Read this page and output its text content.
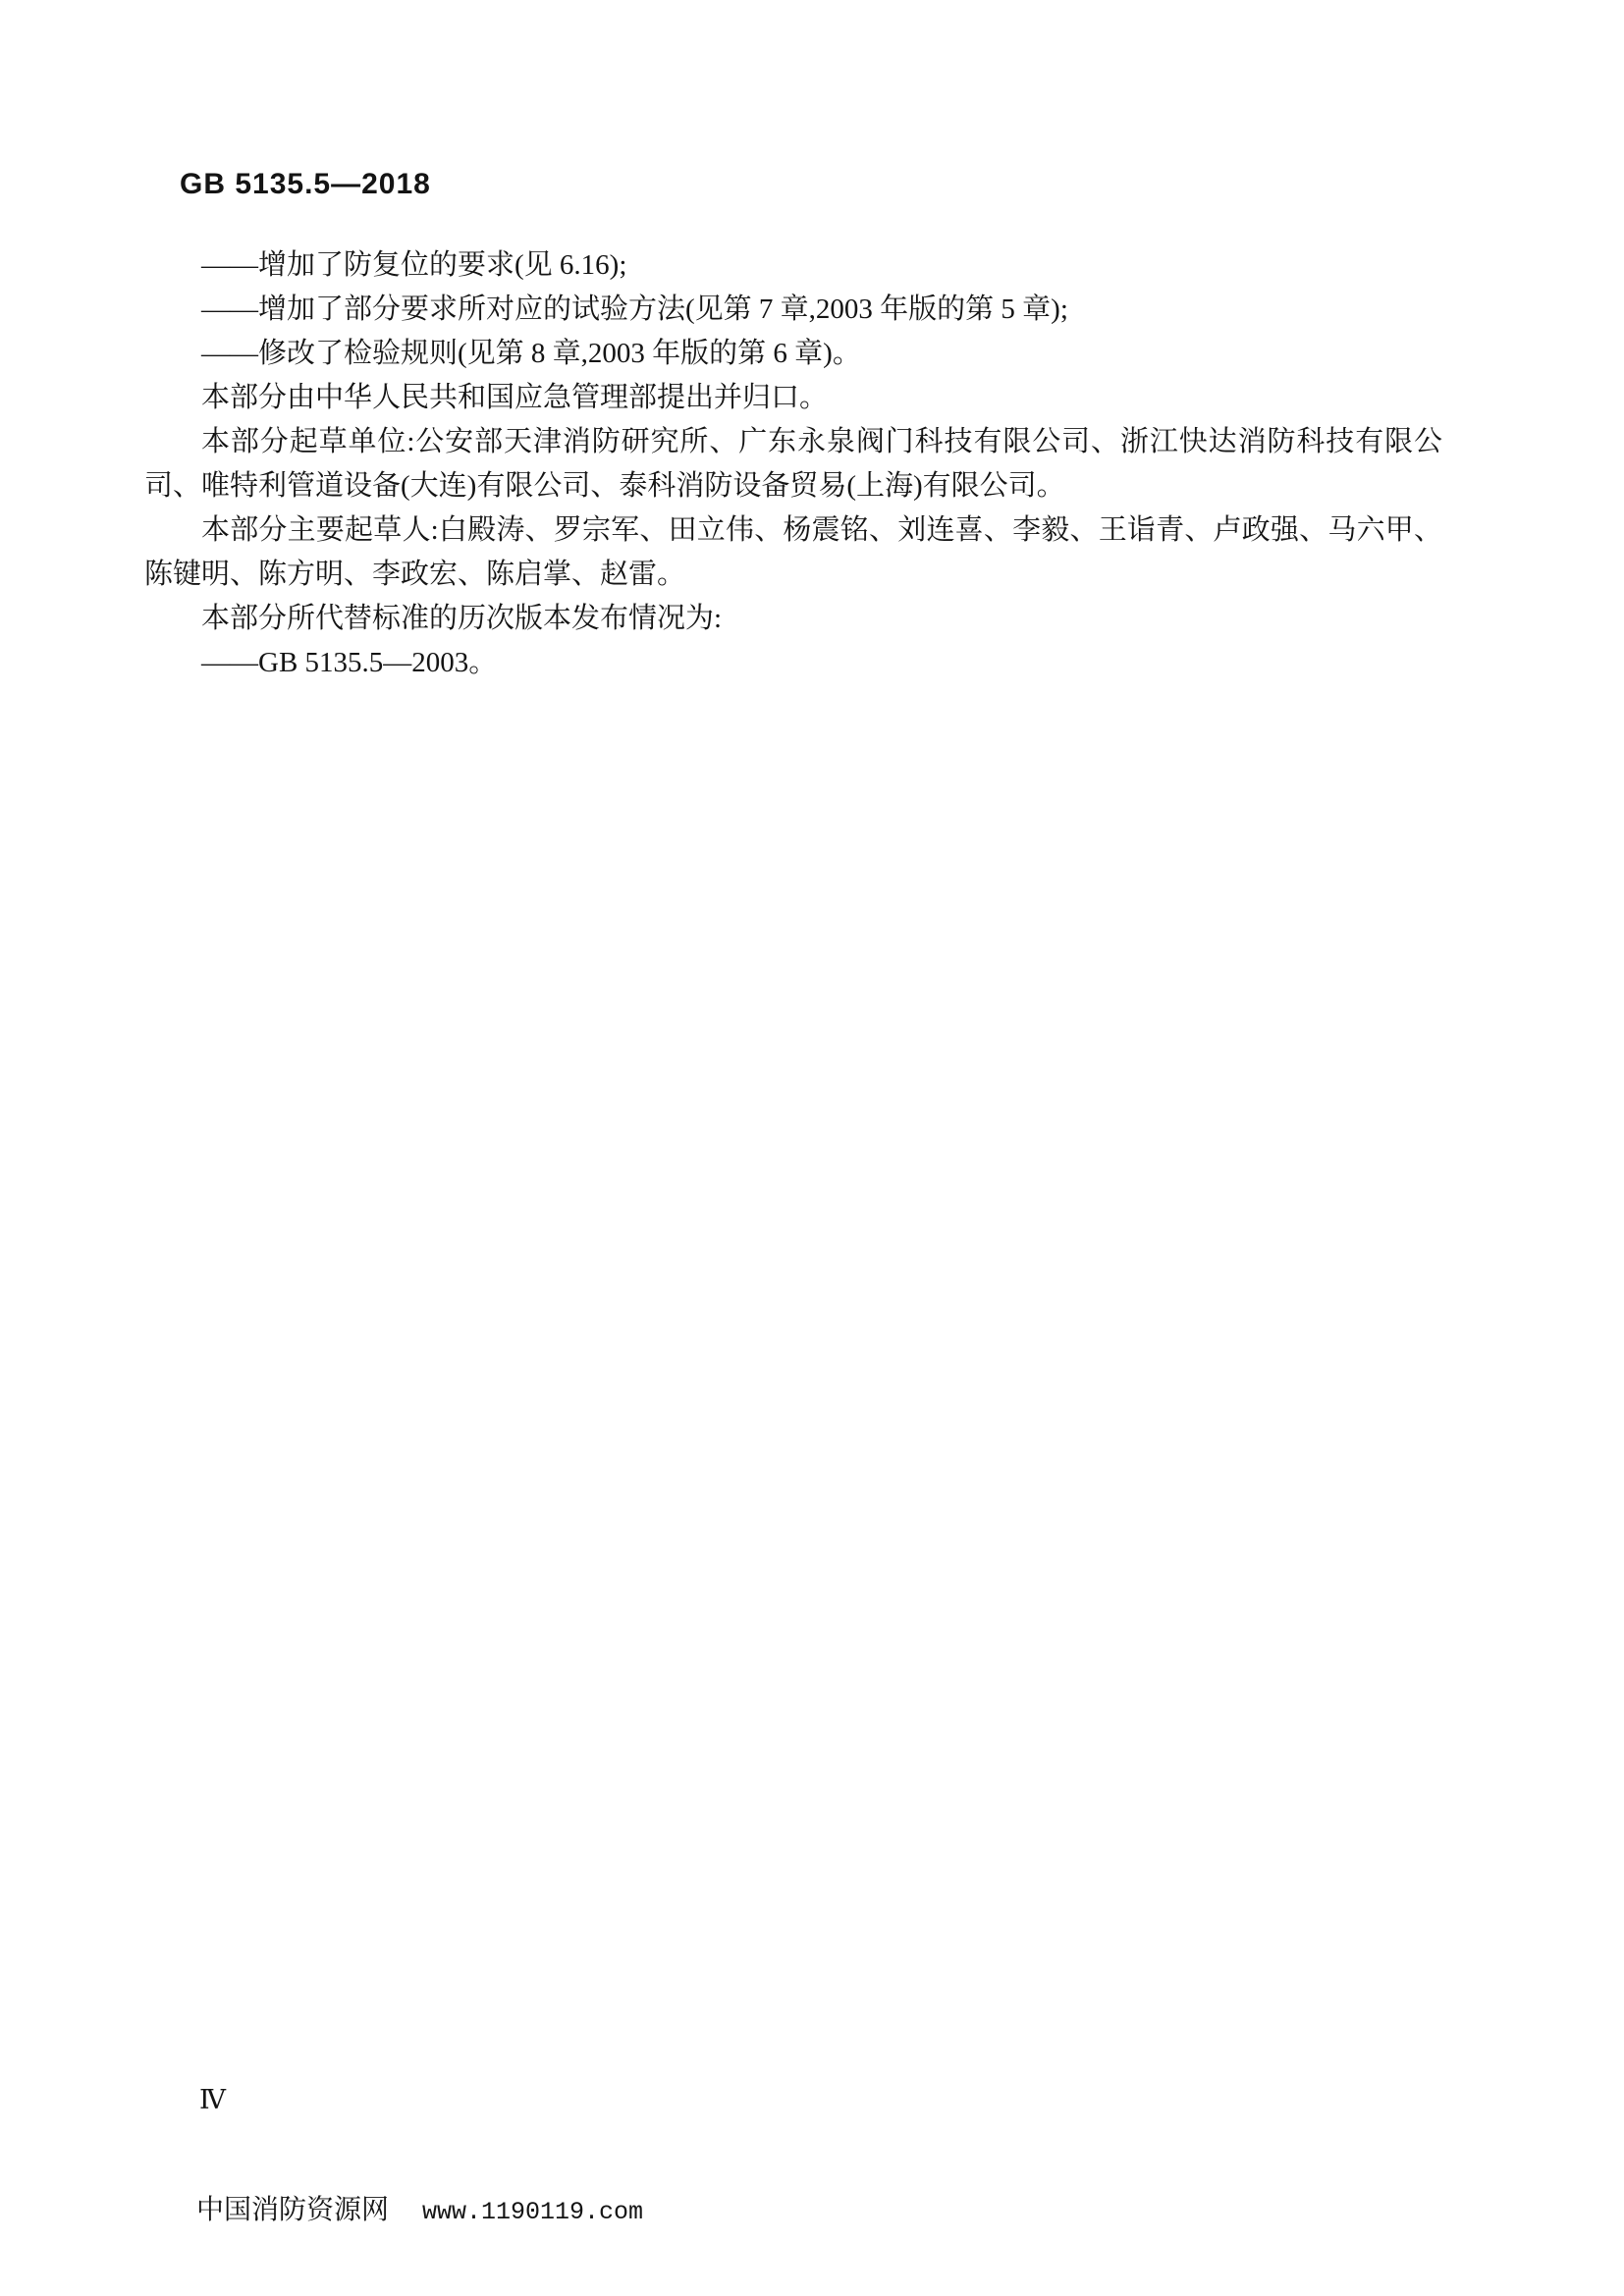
GB 5135.5—2018

——增加了防复位的要求(见 6.16);

——增加了部分要求所对应的试验方法(见第 7 章,2003 年版的第 5 章);

——修改了检验规则(见第 8 章,2003 年版的第 6 章)。

本部分由中华人民共和国应急管理部提出并归口。

本部分起草单位:公安部天津消防研究所、广东永泉阀门科技有限公司、浙江快达消防科技有限公司、唯特利管道设备(大连)有限公司、泰科消防设备贸易(上海)有限公司。

本部分主要起草人:白殿涛、罗宗军、田立伟、杨震铭、刘连喜、李毅、王诣青、卢政强、马六甲、陈键明、陈方明、李政宏、陈启掌、赵雷。

本部分所代替标准的历次版本发布情况为:

——GB 5135.5—2003。

Ⅳ
中国消防资源网 www.1190119.com
